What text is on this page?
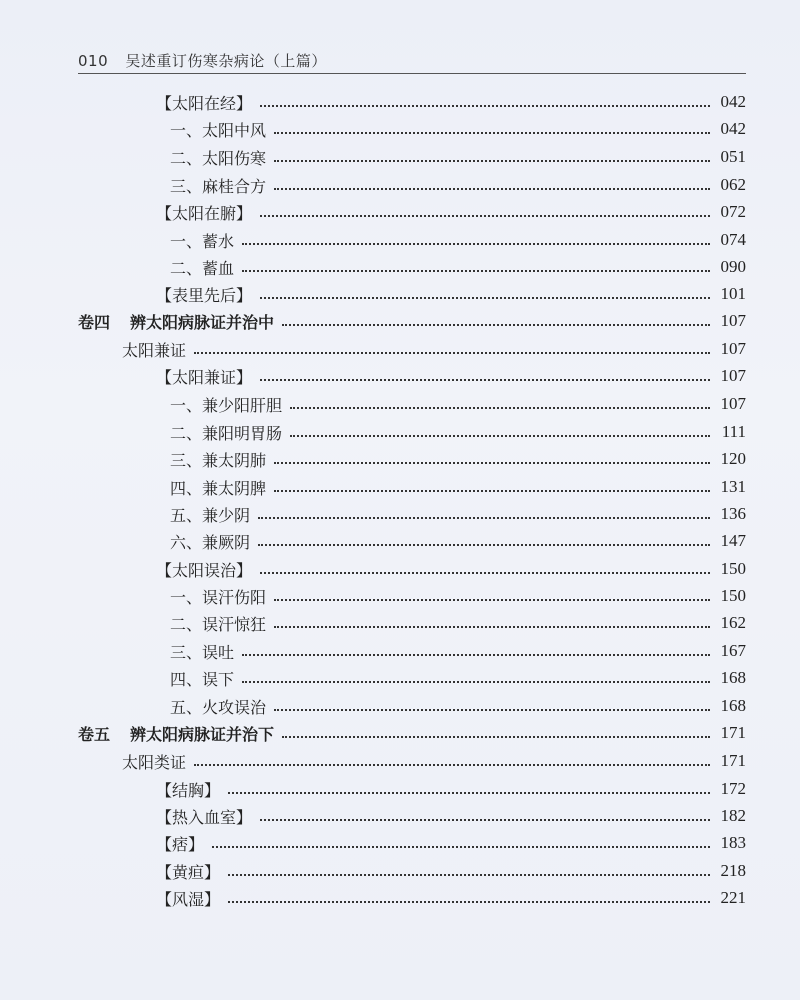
010 吴述重订伤寒杂病论（上篇）
【太阳在经】	042
一、太阳中风	042
二、太阳伤寒	051
三、麻桂合方	062
【太阳在腑】	072
一、蓄水	074
二、蓄血	090
【表里先后】	101
卷四 辨太阳病脉证并治中	107
太阳兼证	107
【太阳兼证】	107
一、兼少阳肝胆	107
二、兼阳明胃肠	111
三、兼太阴肺	120
四、兼太阴脾	131
五、兼少阴	136
六、兼厥阴	147
【太阳误治】	150
一、误汗伤阳	150
二、误汗惊狂	162
三、误吐	167
四、误下	168
五、火攻误治	168
卷五 辨太阳病脉证并治下	171
太阳类证	171
【结胸】	172
【热入血室】	182
【痞】	183
【黄疸】	218
【风湿】	221
